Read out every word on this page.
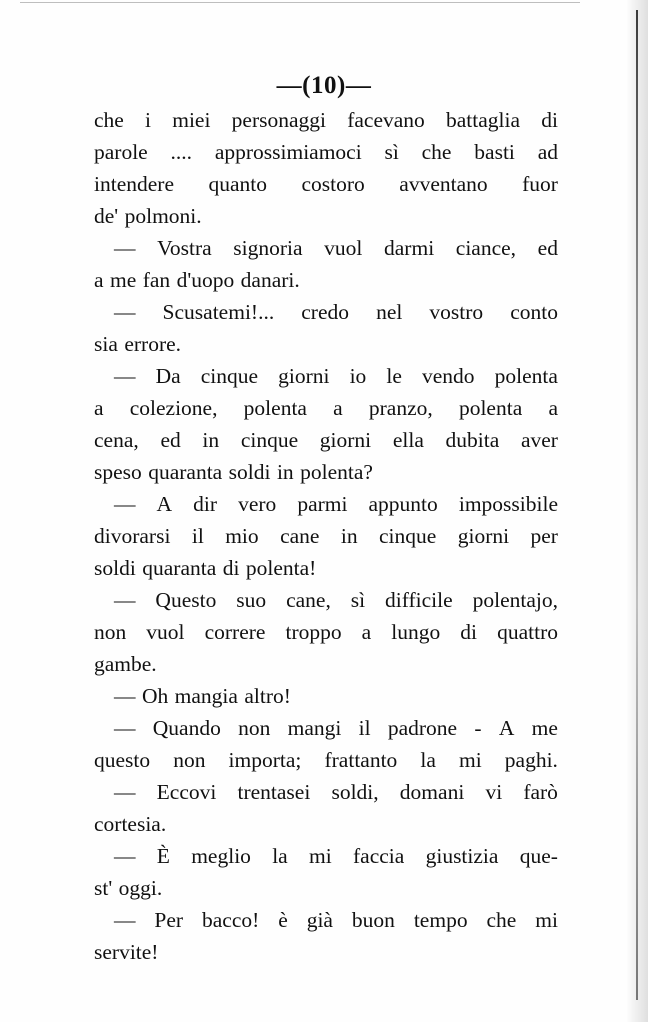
—(10)—
che i miei personaggi facevano battaglia di
parole .... approssimiamoci sì che basti ad
intendere quanto costoro avventano fuor
de' polmoni.
— Vostra signoria vuol darmi ciance, ed
a me fan d'uopo danari.
— Scusatemi!... credo nel vostro conto
sia errore.
— Da cinque giorni io le vendo polenta
a colezione, polenta a pranzo, polenta a
cena, ed in cinque giorni ella dubita aver
speso quaranta soldi in polenta?
— A dir vero parmi appunto impossibile
divorarsi il mio cane in cinque giorni per
soldi quaranta di polenta!
— Questo suo cane, sì difficile polentajo,
non vuol correre troppo a lungo di quattro
gambe.
— Oh mangia altro!
— Quando non mangi il padrone - A me
questo non importa; frattanto la mi paghi.
— Eccovi trentasei soldi, domani vi farò
cortesia.
— È meglio la mi faccia giustizia que-
st' oggi.
— Per bacco! è già buon tempo che mi
servite!
